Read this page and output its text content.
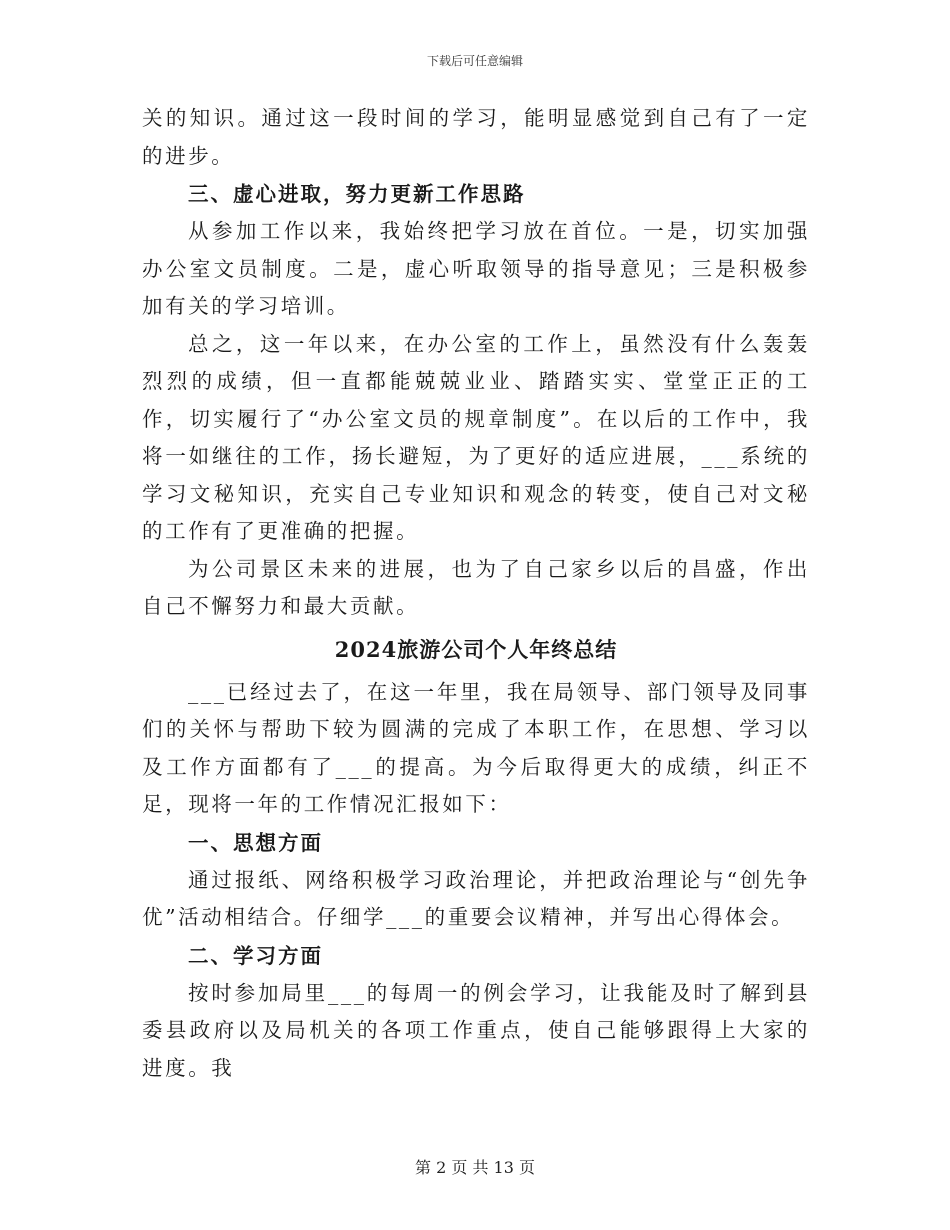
下载后可任意编辑

关的知识。通过这一段时间的学习，能明显感觉到自己有了一定的进步。

三、虚心进取，努力更新工作思路

从参加工作以来，我始终把学习放在首位。一是，切实加强办公室文员制度。二是，虚心听取领导的指导意见；三是积极参加有关的学习培训。

总之，这一年以来，在办公室的工作上，虽然没有什么轰轰烈烈的成绩，但一直都能兢兢业业、踏踏实实、堂堂正正的工作，切实履行了“办公室文员的规章制度”。在以后的工作中，我将一如继往的工作，扬长避短，为了更好的适应进展，___系统的学习文秘知识，充实自己专业知识和观念的转变，使自己对文秘的工作有了更准确的把握。

为公司景区未来的进展，也为了自己家乡以后的昌盛，作出自己不懈努力和最大贡献。

2024旅游公司个人年终总结

___已经过去了，在这一年里，我在局领导、部门领导及同事们的关怀与帮助下较为圆满的完成了本职工作，在思想、学习以及工作方面都有了___的提高。为今后取得更大的成绩，纠正不足，现将一年的工作情况汇报如下：

一、思想方面

通过报纸、网络积极学习政治理论，并把政治理论与“创先争优”活动相结合。仔细学___的重要会议精神，并写出心得体会。

二、学习方面

按时参加局里___的每周一的例会学习，让我能及时了解到县委县政府以及局机关的各项工作重点，使自己能够跟得上大家的进度。我

第 2 页 共 13 页
